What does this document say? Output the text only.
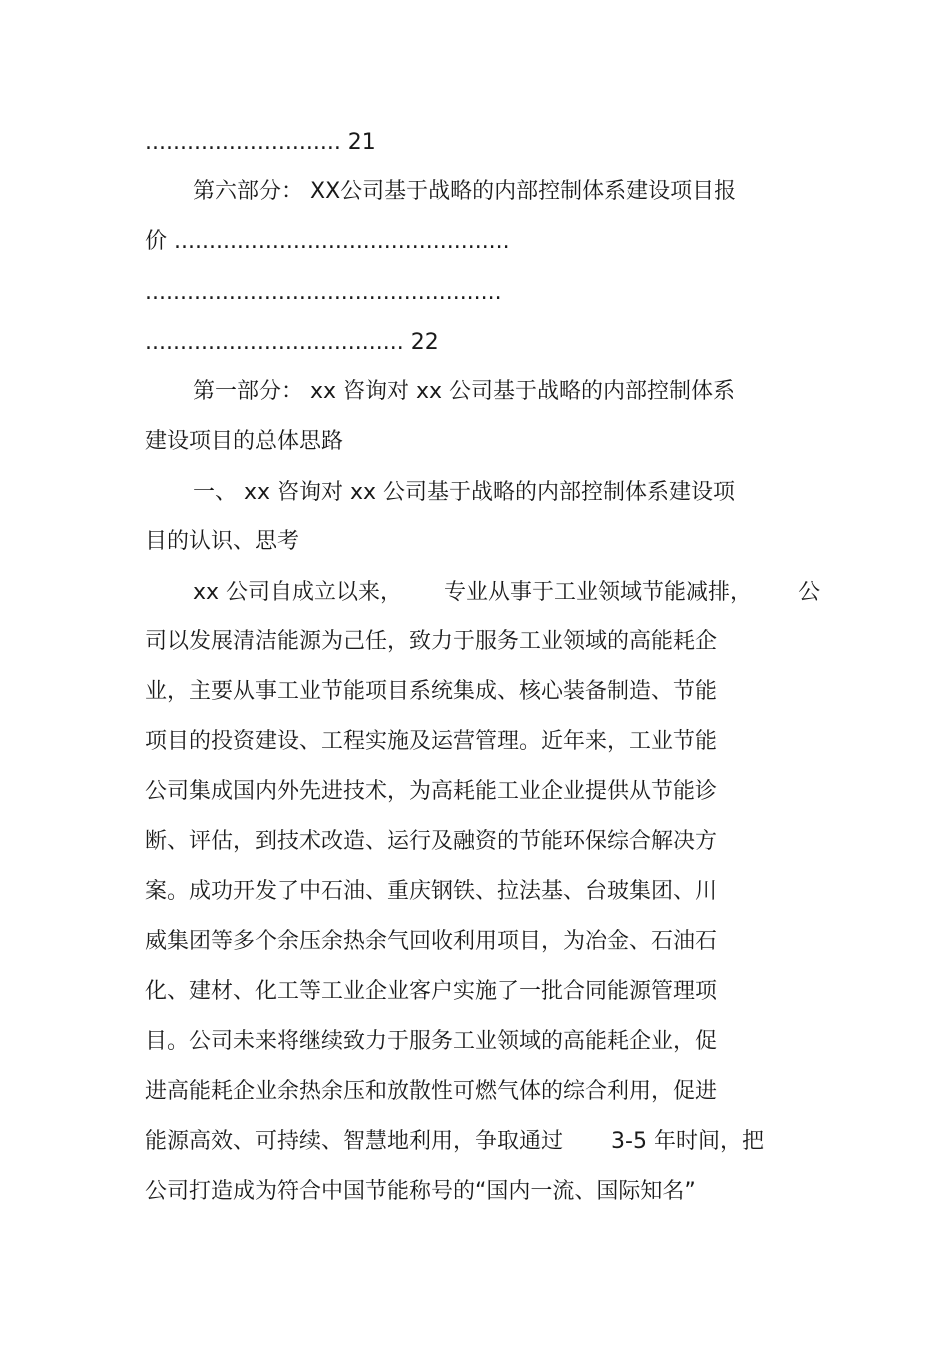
............................ 21

第六部分： XX公司基于战略的内部控制体系建设项目报

价 ................................................

...................................................

..................................... 22

第一部分： xx 咨询对 xx 公司基于战略的内部控制体系

建设项目的总体思路

一、 xx 咨询对 xx 公司基于战略的内部控制体系建设项

目的认识、思考

xx 公司自成立以来， 专业从事于工业领域节能减排， 公

司以发展清洁能源为己任，致力于服务工业领域的高能耗企

业，主要从事工业节能项目系统集成、核心装备制造、节能

项目的投资建设、工程实施及运营管理。近年来，工业节能

公司集成国内外先进技术，为高耗能工业企业提供从节能诊

断、评估，到技术改造、运行及融资的节能环保综合解决方

案。成功开发了中石油、重庆钢铁、拉法基、台玻集团、川

威集团等多个余压余热余气回收利用项目，为冶金、石油石

化、建材、化工等工业企业客户实施了一批合同能源管理项

目。公司未来将继续致力于服务工业领域的高能耗企业，促

进高能耗企业余热余压和放散性可燃气体的综合利用，促进

能源高效、可持续、智慧地利用，争取通过 3-5 年时间，把

公司打造成为符合中国节能称号的“国内一流、国际知名”
